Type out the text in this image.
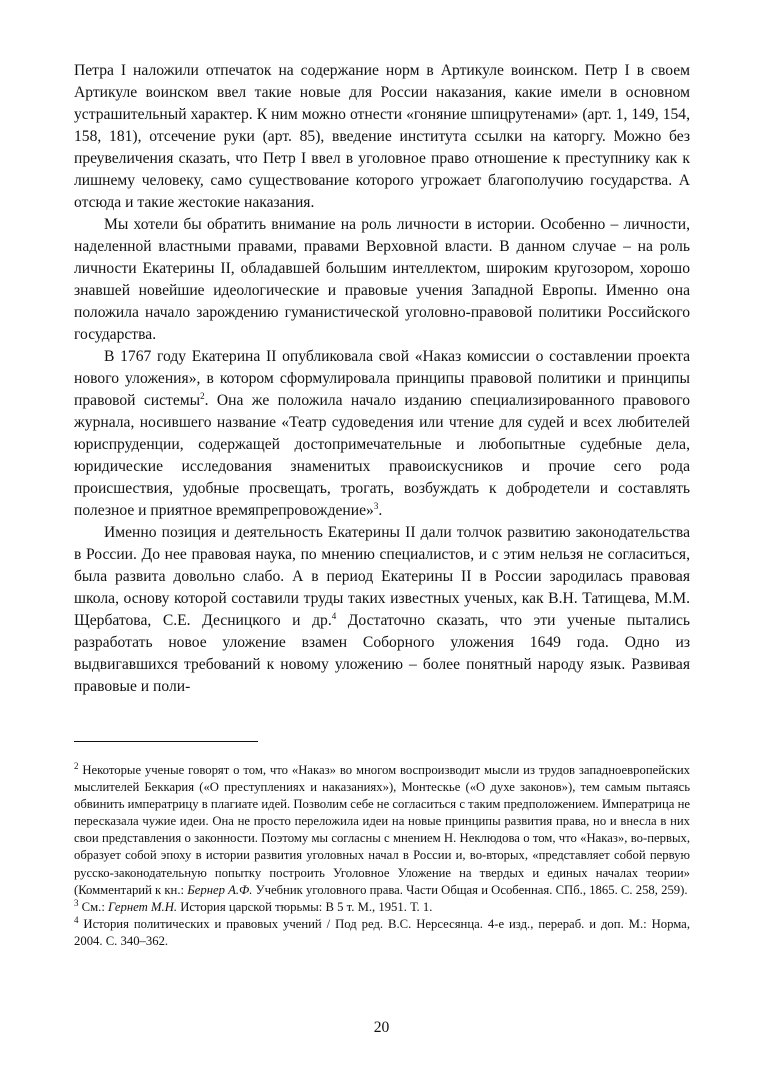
Петра I наложили отпечаток на содержание норм в Артикуле воинском. Петр I в своем Артикуле воинском ввел такие новые для России наказания, какие имели в основном устрашительный характер. К ним можно отнести «гоняние шпицрутенами» (арт. 1, 149, 154, 158, 181), отсечение руки (арт. 85), введение института ссылки на каторгу. Можно без преувеличения сказать, что Петр I ввел в уголовное право отношение к преступнику как к лишнему человеку, само существование которого угрожает благополучию государства. А отсюда и такие жестокие наказания.

Мы хотели бы обратить внимание на роль личности в истории. Особенно – личности, наделенной властными правами, правами Верховной власти. В данном случае – на роль личности Екатерины II, обладавшей большим интеллектом, широким кругозором, хорошо знавшей новейшие идеологические и правовые учения Западной Европы. Именно она положила начало зарождению гуманистической уголовно-правовой политики Российского государства.

В 1767 году Екатерина II опубликовала свой «Наказ комиссии о составлении проекта нового уложения», в котором сформулировала принципы правовой политики и принципы правовой системы$^2$. Она же положила начало изданию специализированного правового журнала, носившего название «Театр судоведения или чтение для судей и всех любителей юриспруденции, содержащей достопримечательные и любопытные судебные дела, юридические исследования знаменитых правоискусников и прочие сего рода происшествия, удобные просвещать, трогать, возбуждать к добродетели и составлять полезное и приятное времяпрепровождение»$^3$.

Именно позиция и деятельность Екатерины II дали толчок развитию законодательства в России. До нее правовая наука, по мнению специалистов, и с этим нельзя не согласиться, была развита довольно слабо. А в период Екатерины II в России зародилась правовая школа, основу которой составили труды таких известных ученых, как В.Н. Татищева, М.М. Щербатова, С.Е. Десницкого и др.$^4$ Достаточно сказать, что эти ученые пытались разработать новое уложение взамен Соборного уложения 1649 года. Одно из выдвигавшихся требований к новому уложению – более понятный народу язык. Развивая правовые и поли-

$^2$ Некоторые ученые говорят о том, что «Наказ» во многом воспроизводит мысли из трудов западноевропейских мыслителей Беккария («О преступлениях и наказаниях»), Монтескье («О духе законов»), тем самым пытаясь обвинить императрицу в плагиате идей. Позволим себе не согласиться с таким предположением. Императрица не пересказала чужие идеи. Она не просто переложила идеи на новые принципы развития права, но и внесла в них свои представления о законности. Поэтому мы согласны с мнением Н. Неклюдова о том, что «Наказ», во-первых, образует собой эпоху в истории развития уголовных начал в России и, во-вторых, «представляет собой первую русско-законодательную попытку построить Уголовное Уложение на твердых и единых началах теории» (Комментарий к кн.: Бернер А.Ф. Учебник уголовного права. Части Общая и Особенная. СПб., 1865. С. 258, 259).

$^3$ См.: Гернет М.Н. История царской тюрьмы: В 5 т. М., 1951. Т. 1.

$^4$ История политических и правовых учений / Под ред. В.С. Нерсесянца. 4-е изд., перераб. и доп. М.: Норма, 2004. С. 340–362.

20
